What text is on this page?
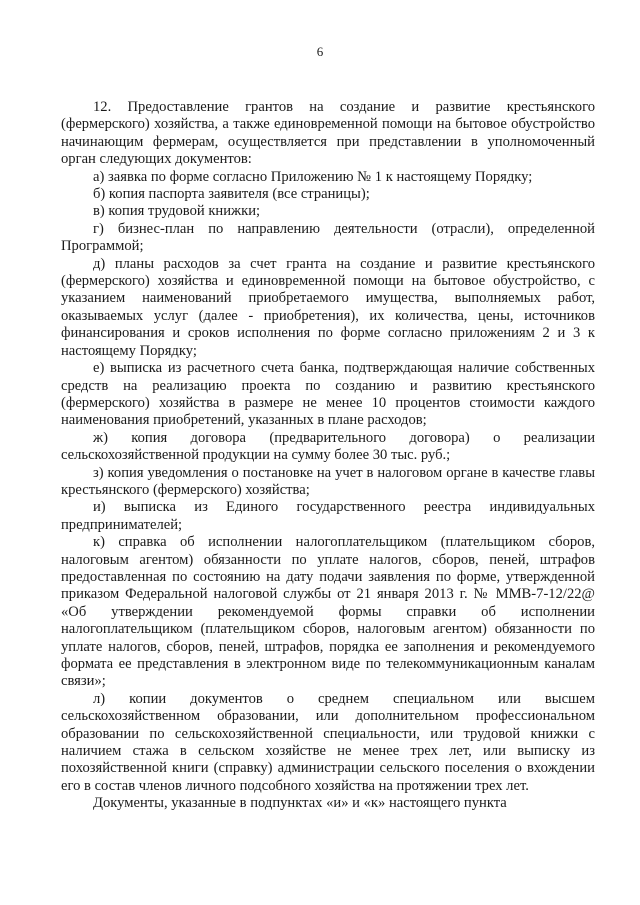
6

12. Предоставление грантов на создание и развитие крестьянского (фермерского) хозяйства, а также единовременной помощи на бытовое обустройство начинающим фермерам, осуществляется при представлении в уполномоченный орган следующих документов:

а) заявка по форме согласно Приложению № 1 к настоящему Порядку;

б) копия паспорта заявителя (все страницы);

в) копия трудовой книжки;

г) бизнес-план по направлению деятельности (отрасли), определенной Программой;

д) планы расходов за счет гранта на создание и развитие крестьянского (фермерского) хозяйства и единовременной помощи на бытовое обустройство, с указанием наименований приобретаемого имущества, выполняемых работ, оказываемых услуг (далее - приобретения), их количества, цены, источников финансирования и сроков исполнения по форме согласно приложениям 2 и 3 к настоящему Порядку;

е) выписка из расчетного счета банка, подтверждающая наличие собственных средств на реализацию проекта по созданию и развитию крестьянского (фермерского) хозяйства в размере не менее 10 процентов стоимости каждого наименования приобретений, указанных в плане расходов;

ж) копия договора (предварительного договора) о реализации сельскохозяйственной продукции на сумму более 30 тыс. руб.;

з) копия уведомления о постановке на учет в налоговом органе в качестве главы крестьянского (фермерского) хозяйства;

и) выписка из Единого государственного реестра индивидуальных предпринимателей;

к) справка об исполнении налогоплательщиком (плательщиком сборов, налоговым агентом) обязанности по уплате налогов, сборов, пеней, штрафов предоставленная по состоянию на дату подачи заявления по форме, утвержденной приказом Федеральной налоговой службы от 21 января 2013 г. № ММВ-7-12/22@ «Об утверждении рекомендуемой формы справки об исполнении налогоплательщиком (плательщиком сборов, налоговым агентом) обязанности по уплате налогов, сборов, пеней, штрафов, порядка ее заполнения и рекомендуемого формата ее представления в электронном виде по телекоммуникационным каналам связи»;

л) копии документов о среднем специальном или высшем сельскохозяйственном образовании, или дополнительном профессиональном образовании по сельскохозяйственной специальности, или трудовой книжки с наличием стажа в сельском хозяйстве не менее трех лет, или выписку из похозяйственной книги (справку) администрации сельского поселения о вхождении его в состав членов личного подсобного хозяйства на протяжении трех лет.

Документы, указанные в подпунктах «и» и «к» настоящего пункта
